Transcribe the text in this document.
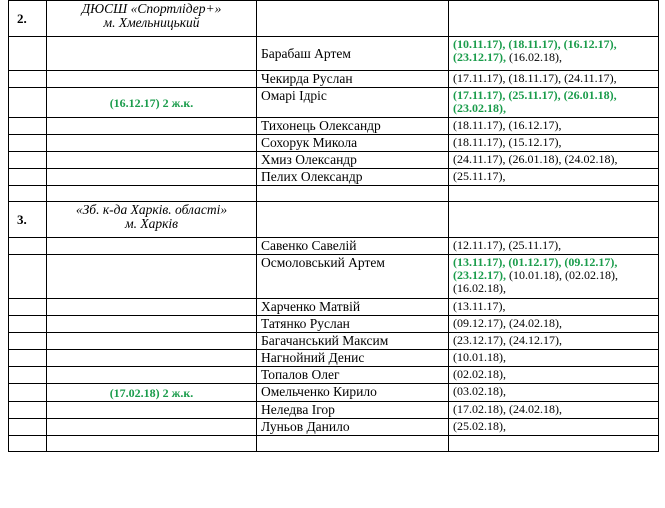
2.	ДЮСШ «Спортлідер+»
м. Хмельницький		

		Барабаш Артем	(10.11.17), (18.11.17), (16.12.17), (23.12.17), (16.02.18),
		Чекирда Руслан	(17.11.17), (18.11.17), (24.11.17),
	(16.12.17) 2 ж.к.	Омарі Ідріс	(17.11.17), (25.11.17), (26.01.18), (23.02.18),
		Тихонець Олександр	(18.11.17), (16.12.17),
		Сохорук Микола	(18.11.17), (15.12.17),
		Хмиз Олександр	(24.11.17), (26.01.18), (24.02.18),
		Пелих Олександр	(25.11.17),

3.	«Зб. к-да Харків. області»
м. Харків		

		Савенко Савелій	(12.11.17), (25.11.17),
		Осмоловський Артем	(13.11.17), (01.12.17), (09.12.17), (23.12.17), (10.01.18), (02.02.18), (16.02.18),
		Харченко Матвій	(13.11.17),
		Татянко Руслан	(09.12.17), (24.02.18),
		Багачанський Максим	(23.12.17), (24.12.17),
		Нагнойний Денис	(10.01.18),
		Топалов Олег	(02.02.18),
	(17.02.18) 2 ж.к.	Омельченко Кирило	(03.02.18),
		Неледва Ігор	(17.02.18), (24.02.18),
		Луньов Данило	(25.02.18),
